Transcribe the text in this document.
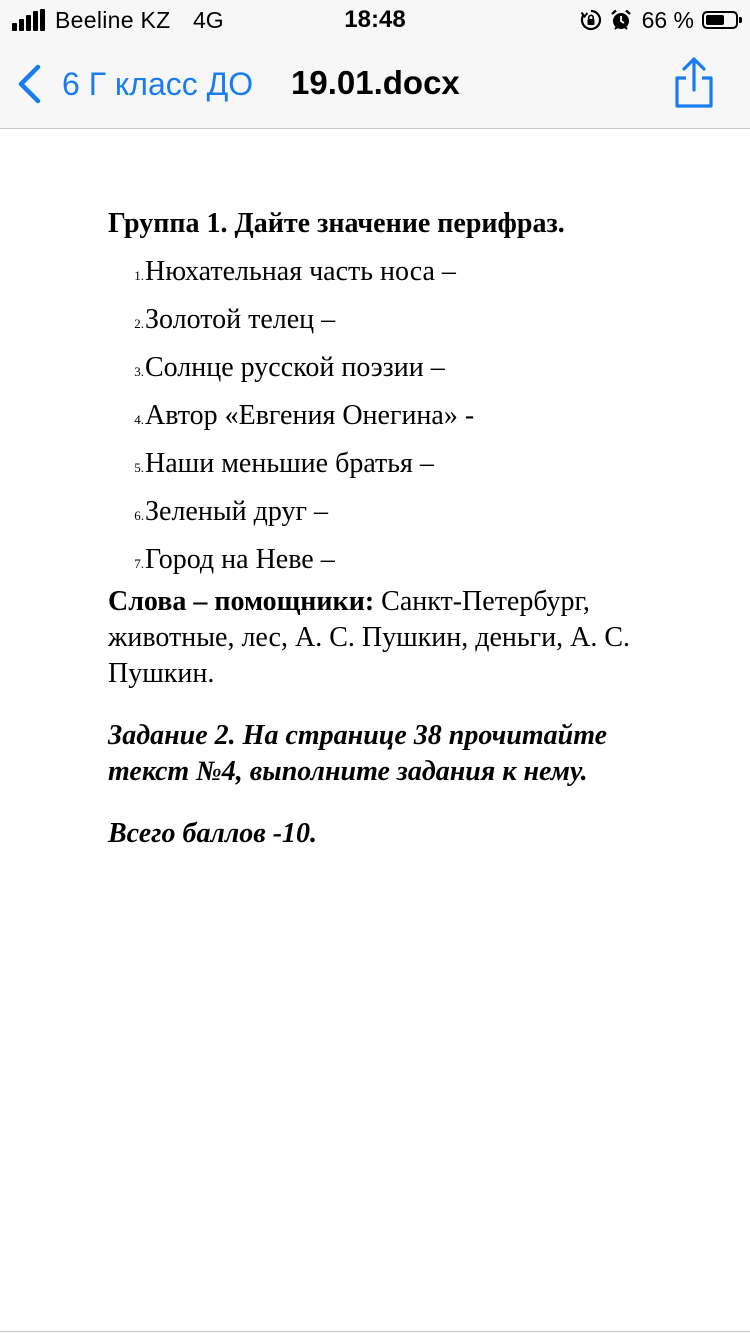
Beeline KZ 4G	18:48	66 %
6 Г класс ДО 19.01.docx
Группа 1. Дайте значение перифраз.
1.Нюхательная часть носа –
2.Золотой телец –
3.Солнце русской поэзии –
4.Автор «Евгения Онегина» -
5.Наши меньшие братья –
6.Зеленый друг –
7.Город на Неве –
Слова – помощники: Санкт-Петербург, животные, лес, А. С. Пушкин, деньги, А. С. Пушкин.
Задание 2. На странице 38 прочитайте текст №4, выполните задания к нему.
Всего баллов -10.
